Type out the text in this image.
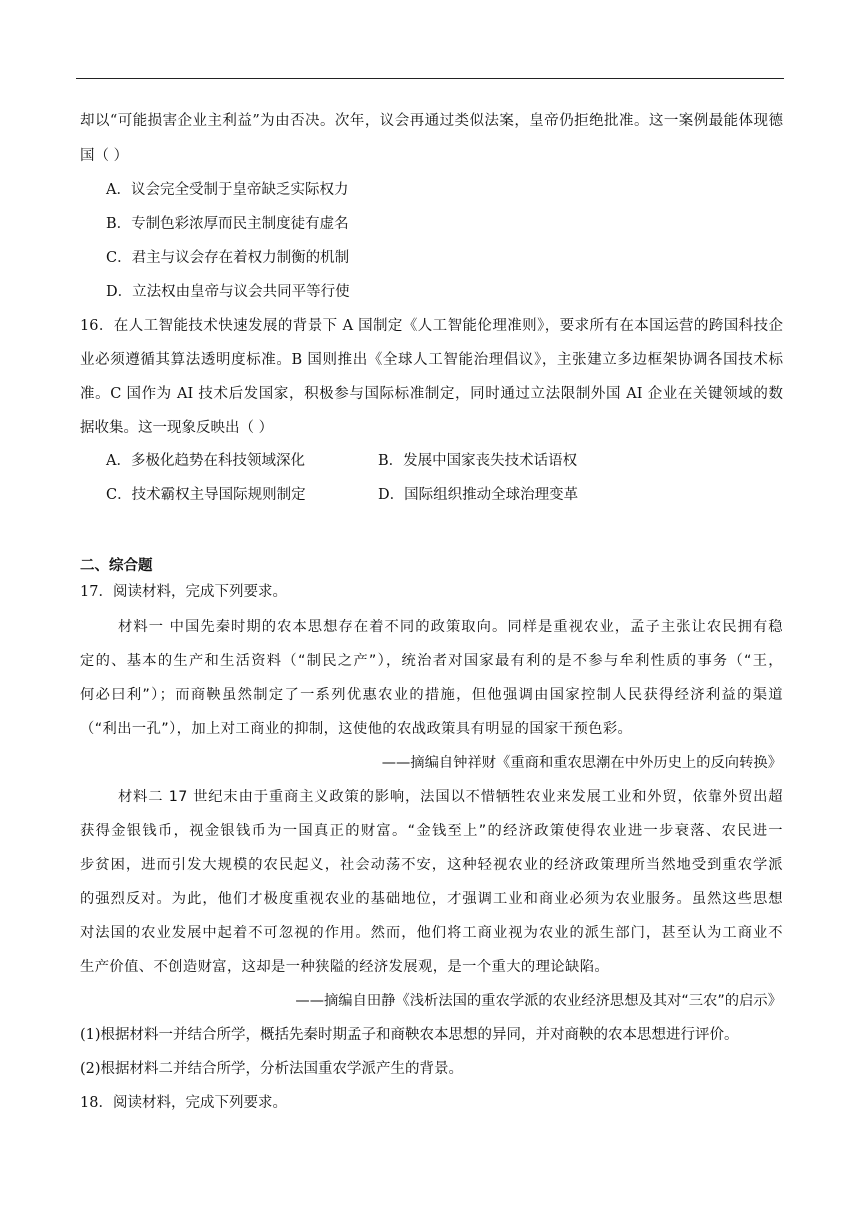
却以“可能损害企业主利益”为由否决。次年，议会再通过类似法案，皇帝仍拒绝批准。这一案例最能体现德
国（ ）
A．议会完全受制于皇帝缺乏实际权力
B．专制色彩浓厚而民主制度徒有虚名
C．君主与议会存在着权力制衡的机制
D．立法权由皇帝与议会共同平等行使
16．在人工智能技术快速发展的背景下 A 国制定《人工智能伦理准则》，要求所有在本国运营的跨国科技企
业必须遵循其算法透明度标准。B 国则推出《全球人工智能治理倡议》，主张建立多边框架协调各国技术标
准。C 国作为 AI 技术后发国家，积极参与国际标准制定，同时通过立法限制外国 AI 企业在关键领域的数
据收集。这一现象反映出（ ）
A．多极化趋势在科技领域深化	B．发展中国家丧失技术话语权
C．技术霸权主导国际规则制定	D．国际组织推动全球治理变革
二、综合题
17．阅读材料，完成下列要求。
材料一 中国先秦时期的农本思想存在着不同的政策取向。同样是重视农业，孟子主张让农民拥有稳
定的、基本的生产和生活资料（“制民之产”），统治者对国家最有利的是不参与牟利性质的事务（“王，
何必曰利”）；而商鞅虽然制定了一系列优惠农业的措施，但他强调由国家控制人民获得经济利益的渠道
（“利出一孔”），加上对工商业的抑制，这使他的农战政策具有明显的国家干预色彩。
——摘编自钟祥财《重商和重农思潮在中外历史上的反向转换》
材料二 17 世纪末由于重商主义政策的影响，法国以不惜牺牲农业来发展工业和外贸，依靠外贸出超
获得金银钱币，视金银钱币为一国真正的财富。“金钱至上”的经济政策使得农业进一步衰落、农民进一
步贫困，进而引发大规模的农民起义，社会动荡不安，这种轻视农业的经济政策理所当然地受到重农学派
的强烈反对。为此，他们才极度重视农业的基础地位，才强调工业和商业必须为农业服务。虽然这些思想
对法国的农业发展中起着不可忽视的作用。然而，他们将工商业视为农业的派生部门，甚至认为工商业不
生产价值、不创造财富，这却是一种狭隘的经济发展观，是一个重大的理论缺陷。
——摘编自田静《浅析法国的重农学派的农业经济思想及其对“三农”的启示》
(1)根据材料一并结合所学，概括先秦时期孟子和商鞅农本思想的异同，并对商鞅的农本思想进行评价。
(2)根据材料二并结合所学，分析法国重农学派产生的背景。
18．阅读材料，完成下列要求。
